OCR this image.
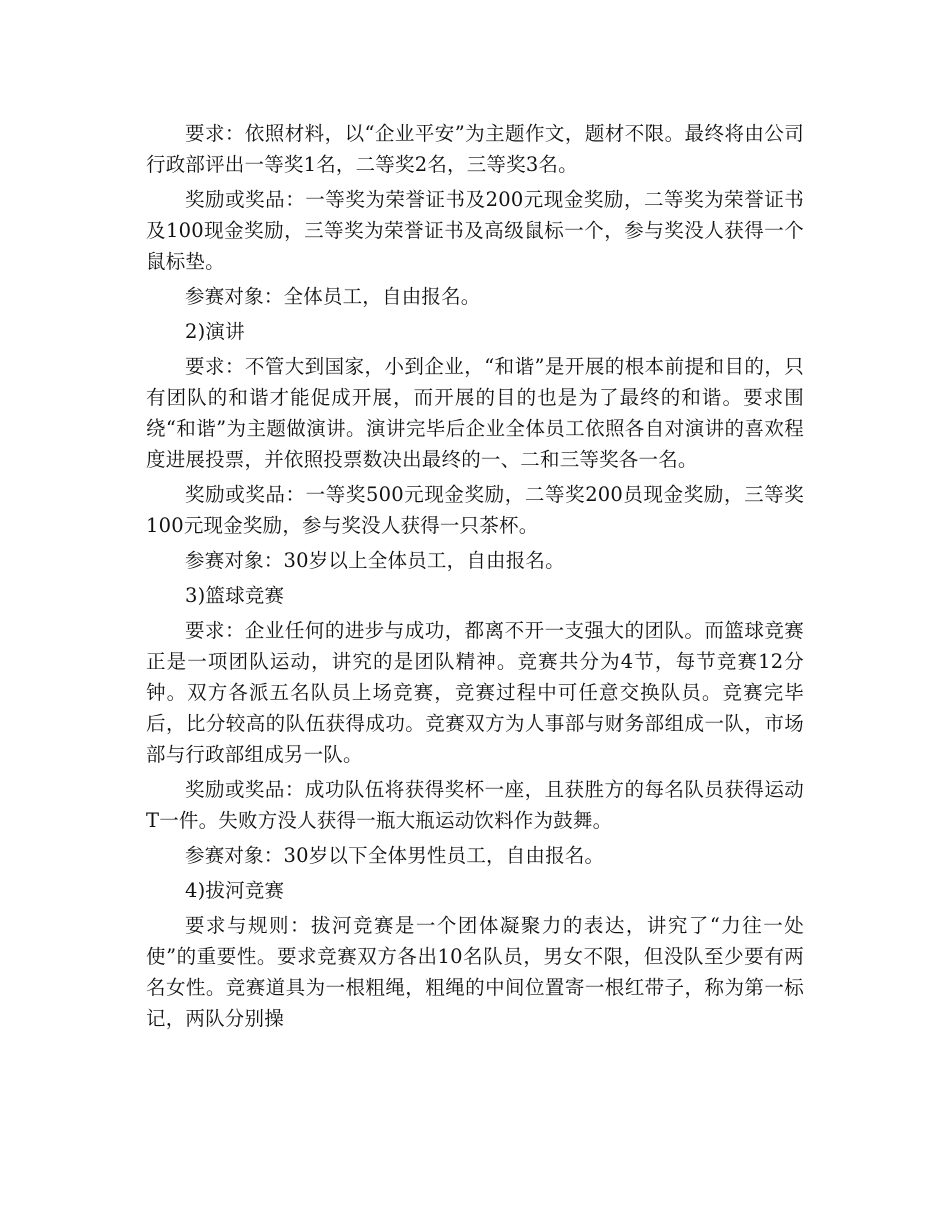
要求：依照材料，以“企业平安”为主题作文，题材不限。最终将由公司行政部评出一等奖1名，二等奖2名，三等奖3名。

奖励或奖品：一等奖为荣誉证书及200元现金奖励，二等奖为荣誉证书及100现金奖励，三等奖为荣誉证书及高级鼠标一个，参与奖没人获得一个鼠标垫。

参赛对象：全体员工，自由报名。

2)演讲

要求：不管大到国家，小到企业，“和谐”是开展的根本前提和目的，只有团队的和谐才能促成开展，而开展的目的也是为了最终的和谐。要求围绕“和谐”为主题做演讲。演讲完毕后企业全体员工依照各自对演讲的喜欢程度进展投票，并依照投票数决出最终的一、二和三等奖各一名。

奖励或奖品：一等奖500元现金奖励，二等奖200员现金奖励，三等奖100元现金奖励，参与奖没人获得一只茶杯。

参赛对象：30岁以上全体员工，自由报名。

3)篮球竞赛

要求：企业任何的进步与成功，都离不开一支强大的团队。而篮球竞赛正是一项团队运动，讲究的是团队精神。竞赛共分为4节，每节竞赛12分钟。双方各派五名队员上场竞赛，竞赛过程中可任意交换队员。竞赛完毕后，比分较高的队伍获得成功。竞赛双方为人事部与财务部组成一队，市场部与行政部组成另一队。

奖励或奖品：成功队伍将获得奖杯一座，且获胜方的每名队员获得运动T一件。失败方没人获得一瓶大瓶运动饮料作为鼓舞。

参赛对象：30岁以下全体男性员工，自由报名。

4)拔河竞赛

要求与规则：拔河竞赛是一个团体凝聚力的表达，讲究了“力往一处使”的重要性。要求竞赛双方各出10名队员，男女不限，但没队至少要有两名女性。竞赛道具为一根粗绳，粗绳的中间位置寄一根红带子，称为第一标记，两队分别操
